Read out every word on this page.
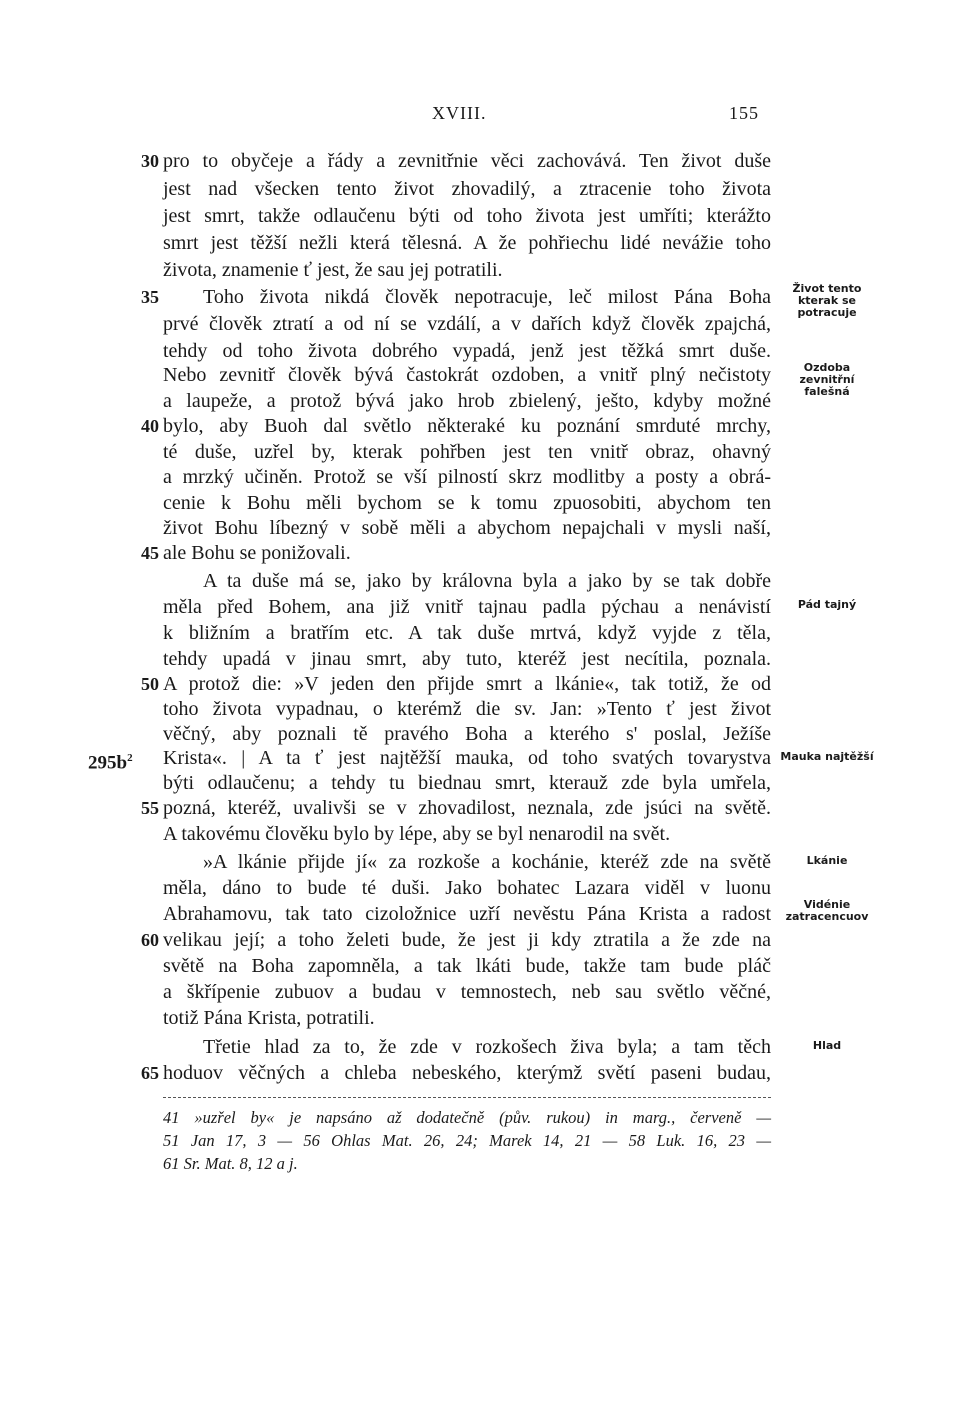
XVIII.	155
pro to obyčeje a řády a zevnitřnie věci zachovává. Ten život duše
jest nad všecken tento život zhovadilý, a ztracenie toho života
jest smrt, takže odlaučenu býti od toho života jest umříti; kterážto
smrt jest těžší nežli která tělesná. A že pohřiechu lidé nevážie toho
života, znamenie ť jest, že sau jej potratili.
Toho života nikdá člověk nepotracuje, leč milost Pána Boha
prvé člověk ztratí a od ní se vzdálí, a v dařích když člověk zpajchá,
tehdy od toho života dobrého vypadá, jenž jest těžká smrt duše.
Nebo zevnitř člověk bývá častokrát ozdoben, a vnitř plný nečistoty
a laupeže, a protož bývá jako hrob zbielený, ješto, kdyby možné
bylo, aby Buoh dal světlo některaké ku poznání smrduté mrchy,
té duše, uzřel by, kterak pohřben jest ten vnitř obraz, ohavný
a mrzký učiněn. Protož se vší pilností skrz modlitby a posty a obrá-
cenie k Bohu měli bychom se k tomu zpuosobiti, abychom ten
život Bohu líbezný v sobě měli a abychom nepajchali v mysli naší,
ale Bohu se ponižovali.
A ta duše má se, jako by královna byla a jako by se tak dobře
měla před Bohem, ana již vnitř tajnau padla pýchau a nenávistí
k bližním a bratřím etc. A tak duše mrtvá, když vyjde z těla,
tehdy upadá v jinau smrt, aby tuto, kteréž jest necítila, poznala.
A protož die: »V jeden den přijde smrt a lkánie«, tak totiž, že od
toho života vypadnau, o kterémž die sv. Jan: »Tento ť jest život
věčný, aby poznali tě pravého Boha a kterého s' poslal, Ježíše
Krista«. | A ta ť jest najtěžší mauka, od toho svatých tovarystva
býti odlaučenu; a tehdy tu biednau smrt, kterauž zde byla umřela,
pozná, kteréž, uvalivši se v zhovadilost, neznala, zde jsúci na světě.
A takovému člověku bylo by lépe, aby se byl nenarodil na svět.
»A lkánie přijde jí« za rozkoše a kochánie, kteréž zde na světě
měla, dáno to bude té duši. Jako bohatec Lazara viděl v luonu
Abrahamovu, tak tato cizoložnice uzří nevěstu Pána Krista a radost
velikau její; a toho želeti bude, že jest ji kdy ztratila a že zde na
světě na Boha zapomněla, a tak lkáti bude, takže tam bude pláč
a škřípenie zubuov a budau v temnostech, neb sau světlo věčné,
totiž Pána Krista, potratili.
Třetie hlad za to, že zde v rozkošech živa byla; a tam těch
hoduov věčných a chleba nebeského, kterýmž světí paseni budau,
30
35
40
45
50
55
60
65
$295b^2$
Život tento kterak se potracuje
Ozdoba zevnitřní falešná
Pád tajný
Mauka najtěžší
Lkánie
Vidénie zatracencuov
Hlad
41 »uzřel by« je napsáno až dodatečně (pův. rukou) in marg., červeně —
51 Jan 17, 3 — 56 Ohlas Mat. 26, 24; Marek 14, 21 — 58 Luk. 16, 23 —
61 Sr. Mat. 8, 12 a j.
